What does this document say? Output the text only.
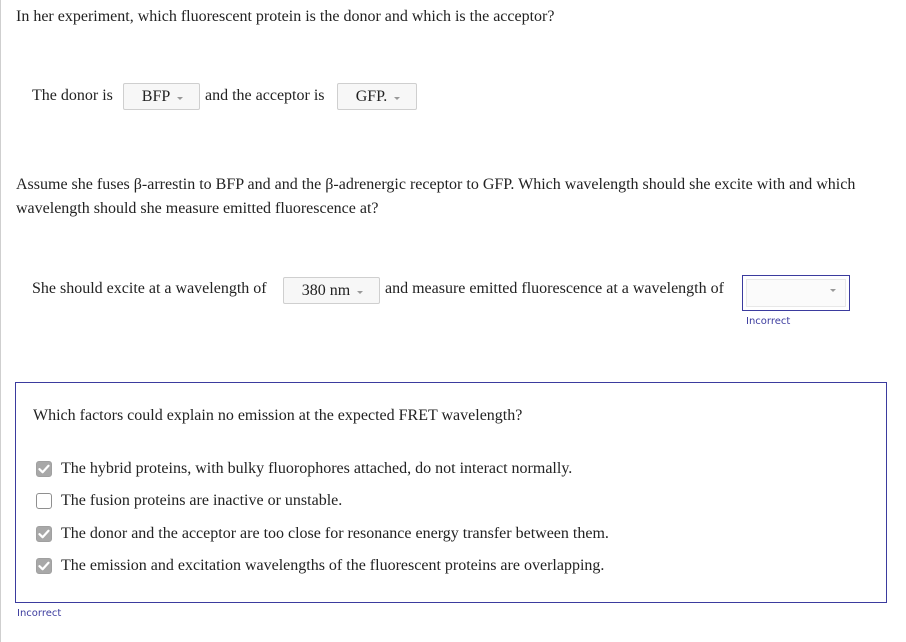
In her experiment, which fluorescent protein is the donor and which is the acceptor?
The donor is BFP and the acceptor is GFP.
Assume she fuses β-arrestin to BFP and and the β-adrenergic receptor to GFP. Which wavelength should she excite with and which wavelength should she measure emitted fluorescence at?
She should excite at a wavelength of 380 nm and measure emitted fluorescence at a wavelength of
Incorrect
Which factors could explain no emission at the expected FRET wavelength?
The hybrid proteins, with bulky fluorophores attached, do not interact normally.
The fusion proteins are inactive or unstable.
The donor and the acceptor are too close for resonance energy transfer between them.
The emission and excitation wavelengths of the fluorescent proteins are overlapping.
Incorrect
